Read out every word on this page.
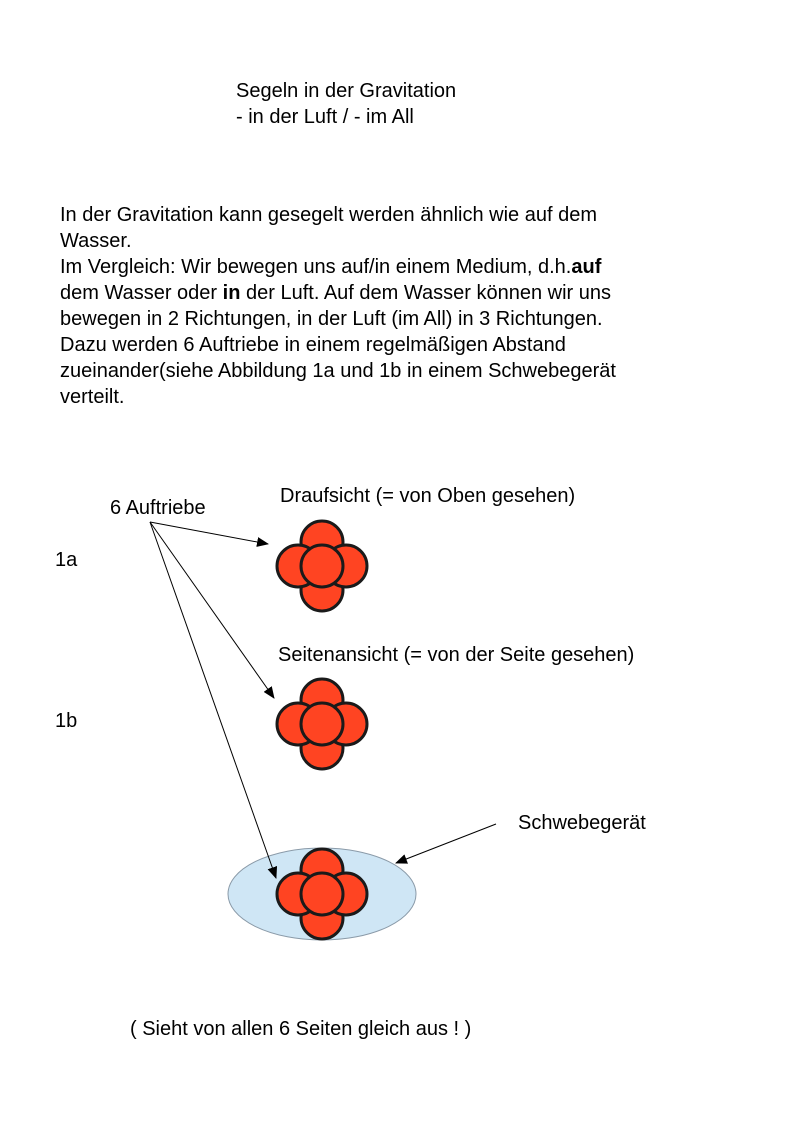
Segeln in der Gravitation
- in der Luft / - im All
In der Gravitation kann gesegelt werden ähnlich wie auf dem
Wasser.
Im Vergleich: Wir bewegen uns auf/in einem Medium, d.h.auf
dem Wasser oder in der Luft. Auf dem Wasser können wir uns
bewegen in 2 Richtungen, in der Luft (im All) in 3 Richtungen.
Dazu werden 6 Auftriebe in einem regelmäßigen Abstand
zueinander(siehe Abbildung 1a und 1b in einem Schwebegerät
verteilt.
6 Auftriebe
Draufsicht (= von Oben gesehen)
1a
Seitenansicht (= von der Seite gesehen)
1b
Schwebegerät
( Sieht von allen 6 Seiten gleich aus ! )
